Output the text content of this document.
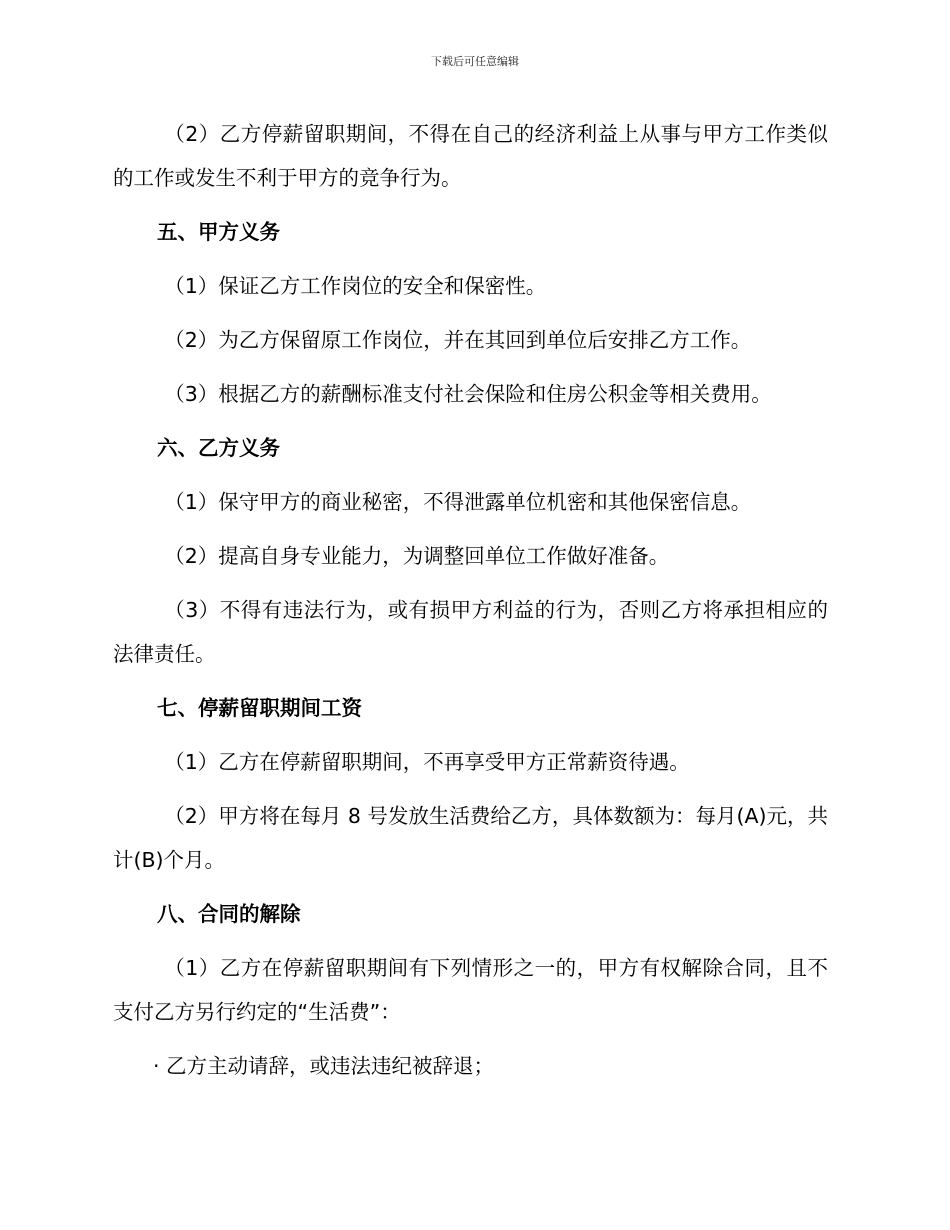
下载后可任意编辑

（2）乙方停薪留职期间，不得在自己的经济利益上从事与甲方工作类似的工作或发生不利于甲方的竞争行为。

五、甲方义务

（1）保证乙方工作岗位的安全和保密性。

（2）为乙方保留原工作岗位，并在其回到单位后安排乙方工作。

（3）根据乙方的薪酬标准支付社会保险和住房公积金等相关费用。

六、乙方义务

（1）保守甲方的商业秘密，不得泄露单位机密和其他保密信息。

（2）提高自身专业能力，为调整回单位工作做好准备。

（3）不得有违法行为，或有损甲方利益的行为，否则乙方将承担相应的法律责任。

七、停薪留职期间工资

（1）乙方在停薪留职期间，不再享受甲方正常薪资待遇。

（2）甲方将在每月 8 号发放生活费给乙方，具体数额为：每月(A)元，共计(B)个月。

八、合同的解除

（1）乙方在停薪留职期间有下列情形之一的，甲方有权解除合同，且不支付乙方另行约定的“生活费”：

· 乙方主动请辞，或违法违纪被辞退；
